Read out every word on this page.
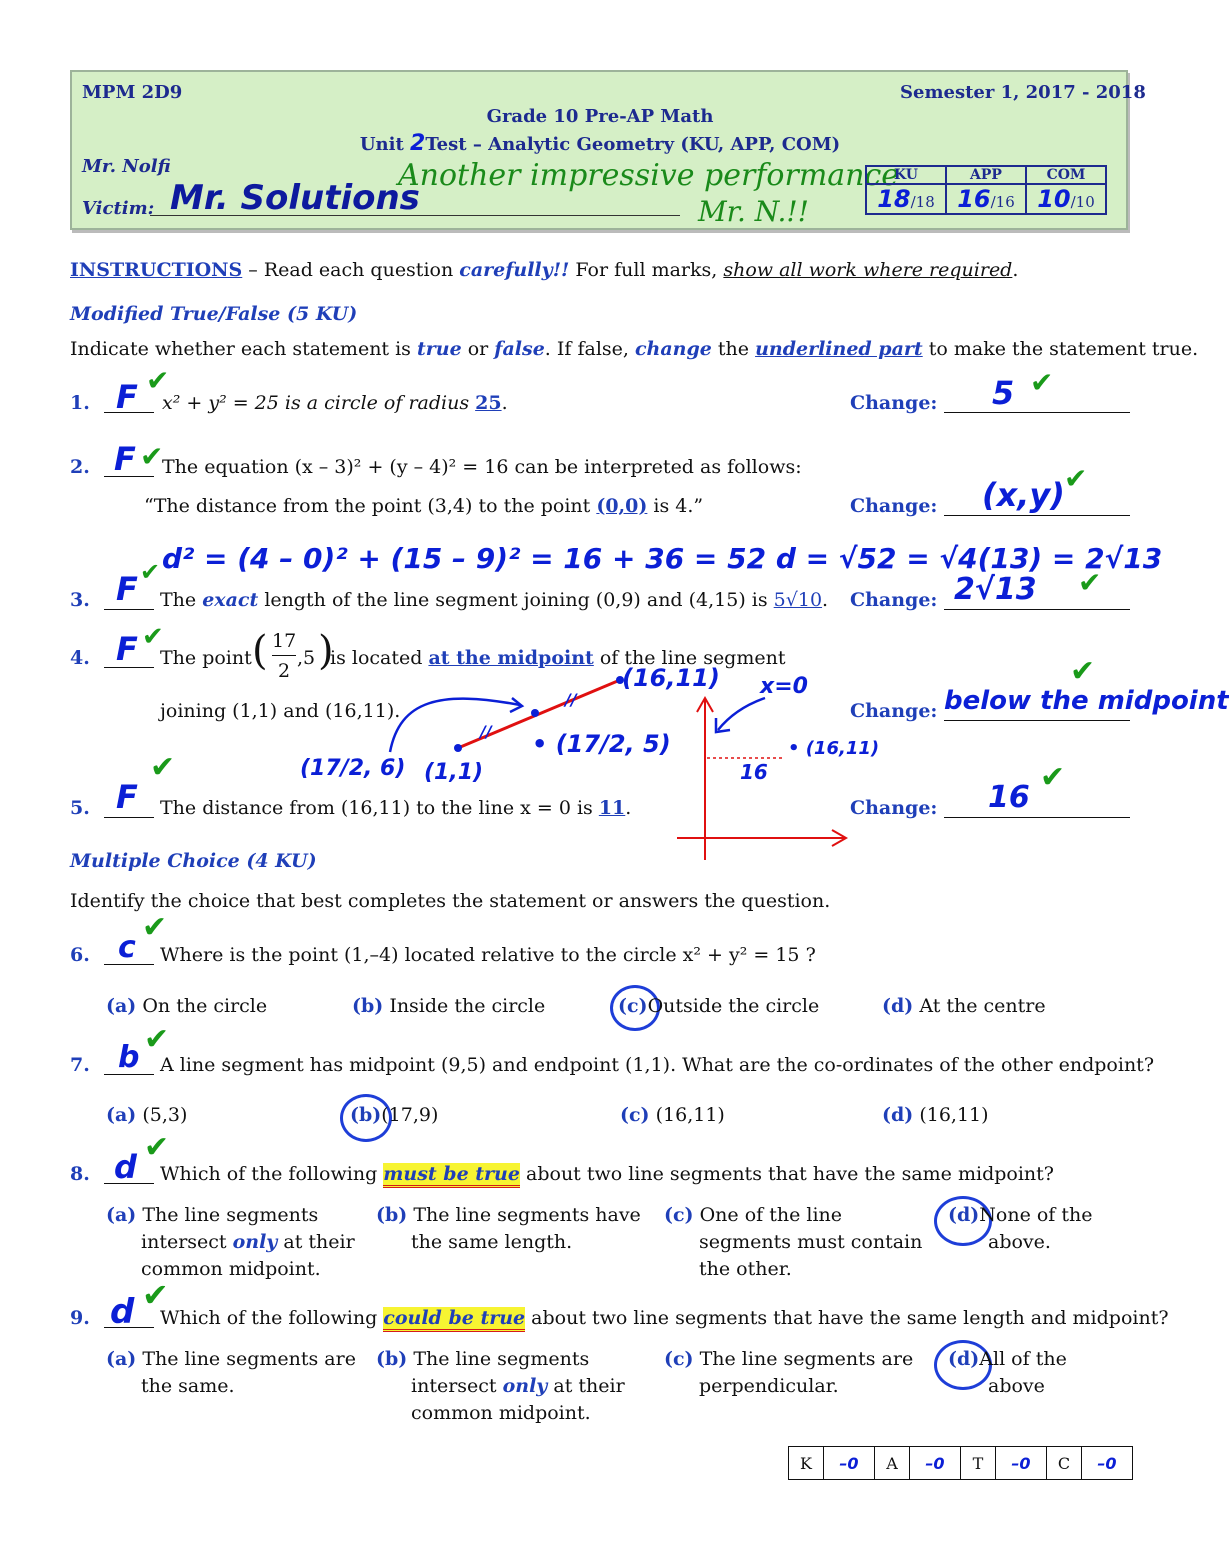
MPM 2D9	Semester 1, 2017 - 2018
Grade 10 Pre-AP Math
Unit 2Test – Analytic Geometry (KU, APP, COM)
Mr. Nolfi
Victim: Mr. Solutions
Another impressive performance
Mr. N.!!
KU	APP	COM
18/18	16/16	10/10
INSTRUCTIONS – Read each question carefully!! For full marks, show all work where required.
Modified True/False (5 KU)
Indicate whether each statement is true or false. If false, change the underlined part to make the statement true.
1. F ✔
x² + y² = 25 is a circle of radius 25.	Change: 5 ✔
2. F ✔
The equation (x – 3)² + (y – 4)² = 16 can be interpreted as follows:
“The distance from the point (3,4) to the point (0,0) is 4.”	Change: (x,y) ✔
d² = (4 – 0)² + (15 – 9)² = 16 + 36 = 52 d = √52 = √4(13) = 2√13
3. F ✔
The exact length of the line segment joining (0,9) and (4,15) is 5√10. Change: 2√13 ✔
4. F ✔
The point ( 17
2
,5 )
is located at the midpoint of the line segment
joining (1,1) and (16,11).	Change: below the midpoint
✔
//
//
(16,11)
(1,1)
(17/2, 6)
• (17/2, 5)
x=0
• (16,11)
16
5. F
✔
The distance from (16,11) to the line x = 0 is 11.	Change: 16
✔
Multiple Choice (4 KU)
Identify the choice that best completes the statement or answers the question.
6. c
✔
Where is the point (1,–4) located relative to the circle x² + y² = 15 ?
(a) On the circle	(b) Inside the circle	(c)Outside the circle	(d) At the centre
7. b
✔
A line segment has midpoint (9,5) and endpoint (1,1). What are the co-ordinates of the other endpoint?
(a) (5,3)	(b)(17,9)	(c) (16,11)	(d) (16,11)
8. d
✔
Which of the following must be true about two line segments that have the same midpoint?
(a) The line segments
intersect only at their
common midpoint.
(b) The line segments have
the same length.
(c) One of the line
segments must contain
the other.
(d)None of the
above.
9. d ✔
Which of the following could be true about two line segments that have the same length and midpoint?
(a) The line segments are
the same.
(b) The line segments
intersect only at their
common midpoint.
(c) The line segments are
perpendicular.
(d)All of the
above
K	–0	A	–0	T	–0	C	–0
